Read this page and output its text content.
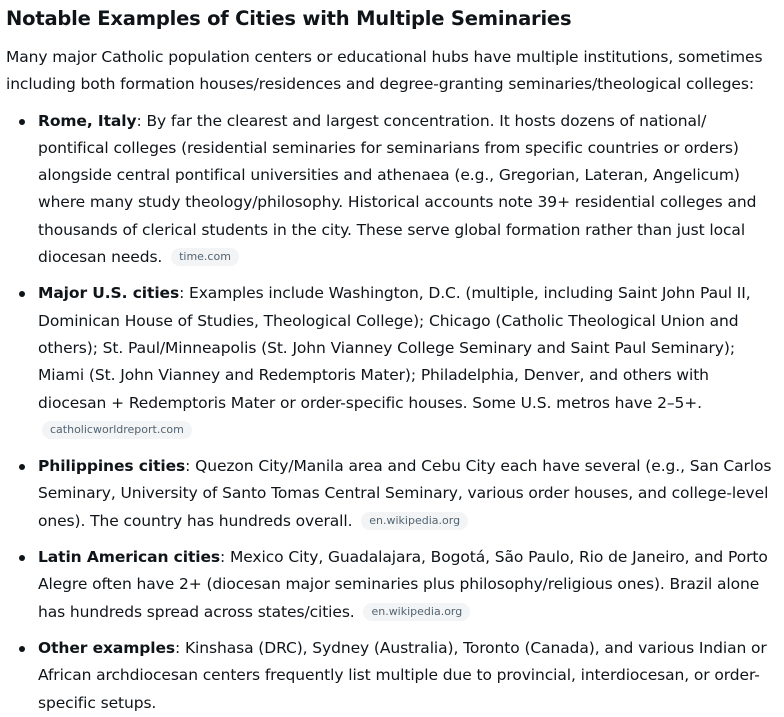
Notable Examples of Cities with Multiple Seminaries

Many major Catholic population centers or educational hubs have multiple institutions, sometimes including both formation houses/residences and degree-granting seminaries/theological colleges:

Rome, Italy: By far the clearest and largest concentration. It hosts dozens of national/ pontifical colleges (residential seminaries for seminarians from specific countries or orders) alongside central pontifical universities and athenaea (e.g., Gregorian, Lateran, Angelicum) where many study theology/philosophy. Historical accounts note 39+ residential colleges and thousands of clerical students in the city. These serve global formation rather than just local diocesan needs. time.com
Major U.S. cities: Examples include Washington, D.C. (multiple, including Saint John Paul II, Dominican House of Studies, Theological College); Chicago (Catholic Theological Union and others); St. Paul/Minneapolis (St. John Vianney College Seminary and Saint Paul Seminary); Miami (St. John Vianney and Redemptoris Mater); Philadelphia, Denver, and others with diocesan + Redemptoris Mater or order-specific houses. Some U.S. metros have 2–5+. catholicworldreport.com
Philippines cities: Quezon City/Manila area and Cebu City each have several (e.g., San Carlos Seminary, University of Santo Tomas Central Seminary, various order houses, and college-level ones). The country has hundreds overall. en.wikipedia.org
Latin American cities: Mexico City, Guadalajara, Bogotá, São Paulo, Rio de Janeiro, and Porto Alegre often have 2+ (diocesan major seminaries plus philosophy/religious ones). Brazil alone has hundreds spread across states/cities. en.wikipedia.org
Other examples: Kinshasa (DRC), Sydney (Australia), Toronto (Canada), and various Indian or African archdiocesan centers frequently list multiple due to provincial, interdiocesan, or order-specific setups.
